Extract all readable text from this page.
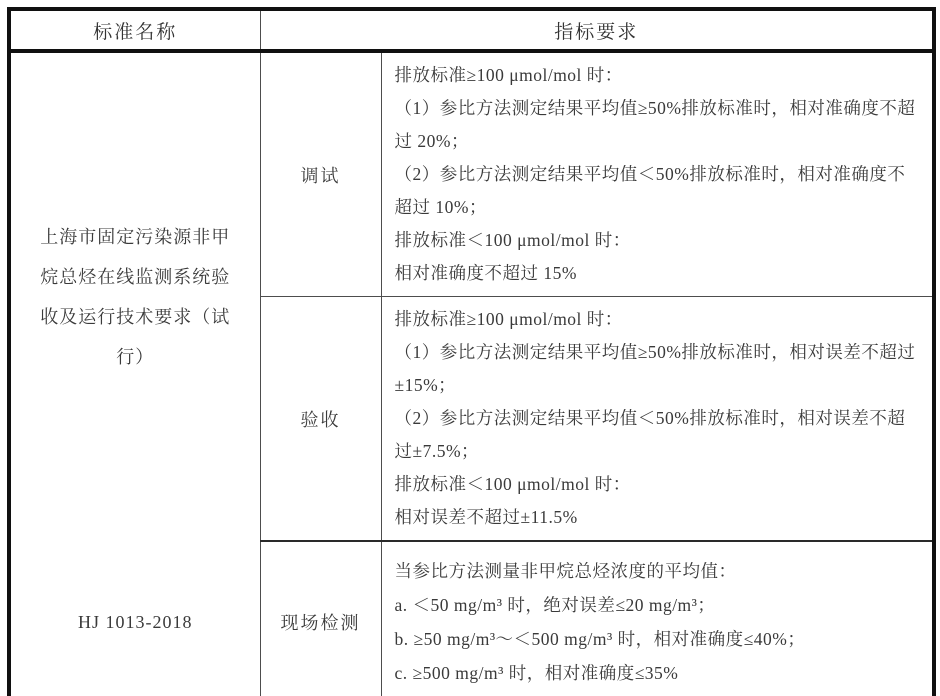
标准名称	指标要求	
上海市固定污染源非甲烷总烃在线监测系统验收及运行技术要求（试行）	调试	排放标准≥100 μmol/mol 时：
（1）参比方法测定结果平均值≥50%排放标准时，相对准确度不超过 20%；
（2）参比方法测定结果平均值＜50%排放标准时，相对准确度不超过 10%；
排放标准＜100 μmol/mol 时：
相对准确度不超过 15%

	验收	排放标准≥100 μmol/mol 时：
（1）参比方法测定结果平均值≥50%排放标准时，相对误差不超过±15%；
（2）参比方法测定结果平均值＜50%排放标准时，相对误差不超过±7.5%；
排放标准＜100 μmol/mol 时：
相对误差不超过±11.5%

HJ 1013-2018	现场检测	当参比方法测量非甲烷总烃浓度的平均值：
a. ＜50 mg/m³ 时，绝对误差≤20 mg/m³；
b. ≥50 mg/m³～＜500 mg/m³ 时，相对准确度≤40%；
c. ≥500 mg/m³ 时，相对准确度≤35%
